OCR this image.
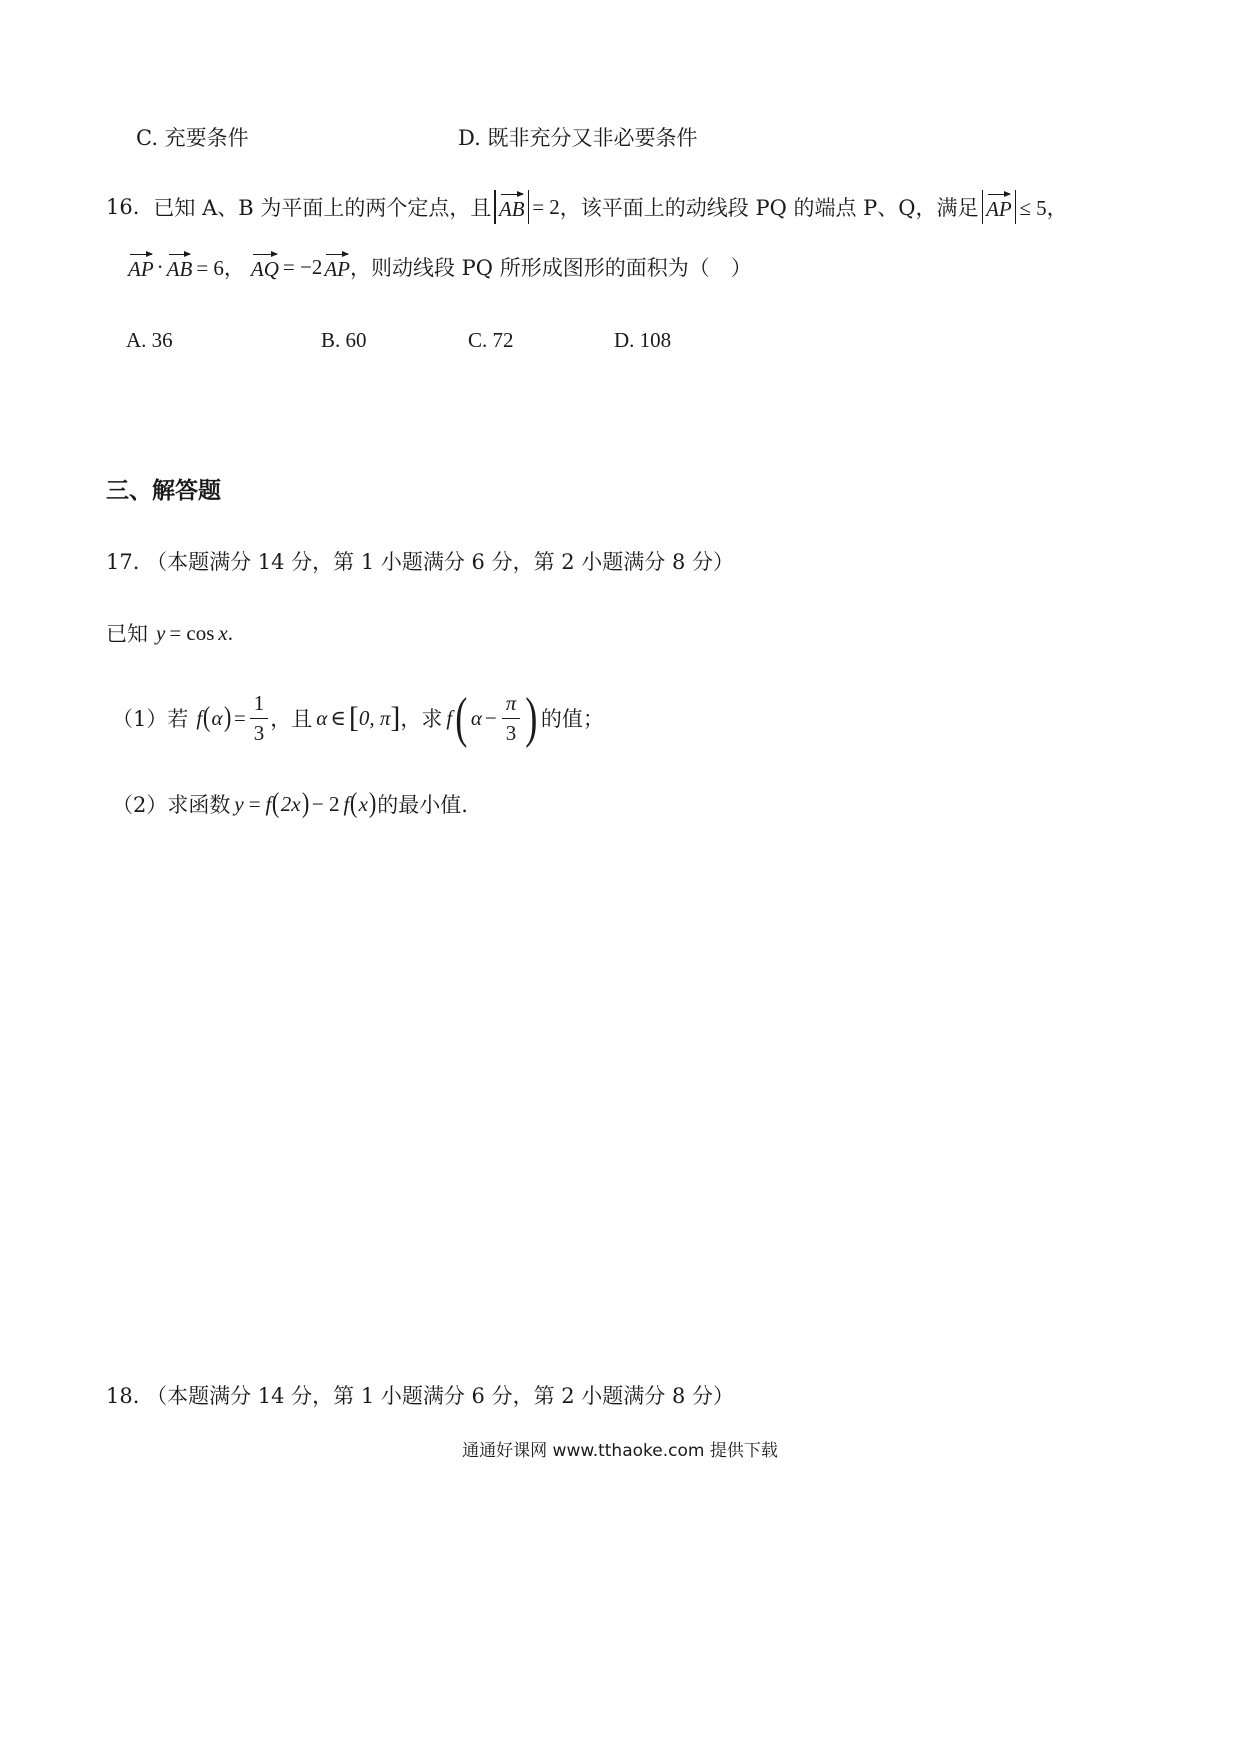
C. 充要条件	D. 既非充分又非必要条件
16. 已知 A、B 为平面上的两个定点，且 AB = 2 ，该平面上的动线段 PQ 的端点 P、Q，满足 AP ≤ 5，
AP · AB = 6， AQ = −2 AP ，则动线段 PQ 所形成图形的面积为（　）
A. 36	B. 60	C. 72	D. 108
三、解答题
17. （本题满分 14 分，第 1 小题满分 6 分，第 2 小题满分 8 分）
已知 y = cos x .
（1）若 f ( α ) = $\frac{1}{3}$ ，且 α ∈ [ 0, π ] ，求 f ( $\alpha - \frac{\pi}{3}$ ) 的值；
（2）求函数 y = f ( 2x ) − 2 f ( x ) 的最小值.
18. （本题满分 14 分，第 1 小题满分 6 分，第 2 小题满分 8 分）
通通好课网 www.tthaoke.com 提供下载
